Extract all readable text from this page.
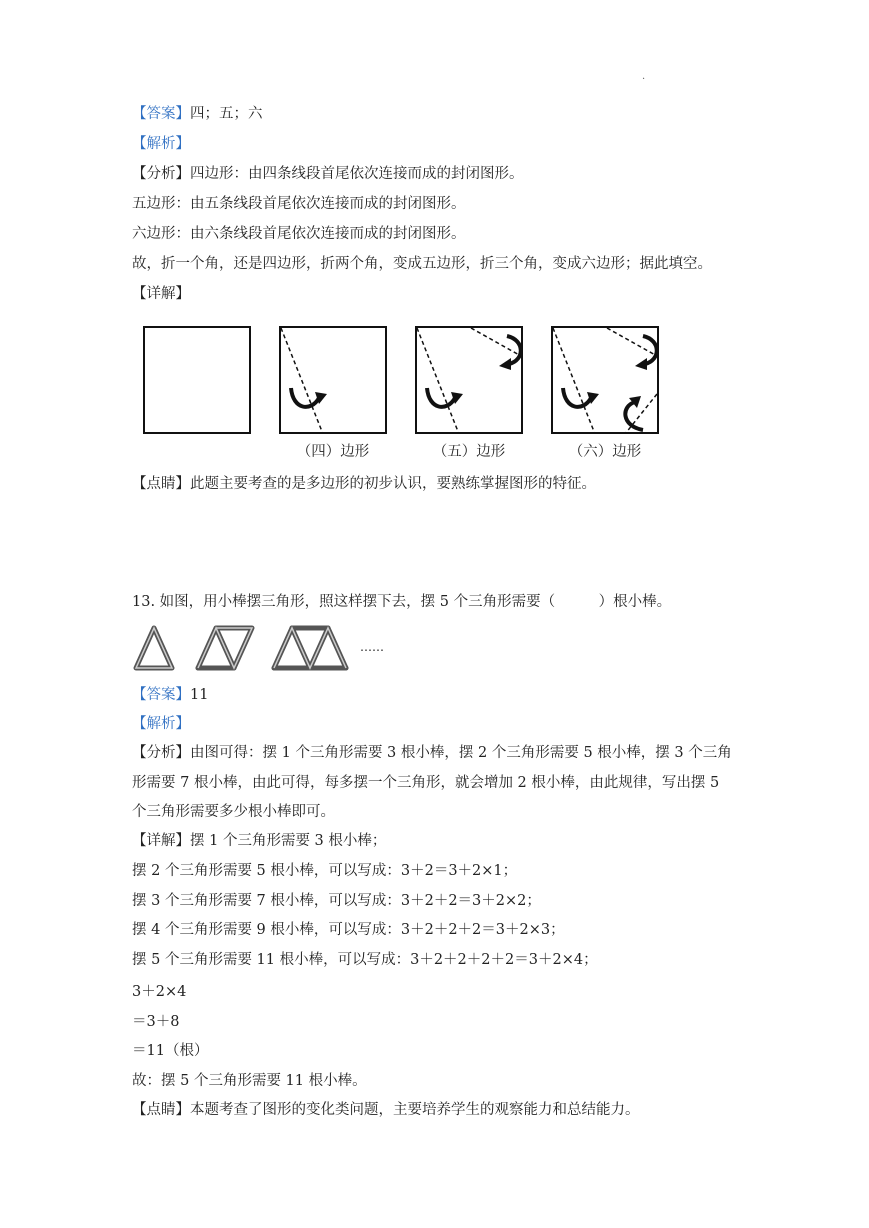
·
【答案】四；五；六
【解析】
【分析】四边形：由四条线段首尾依次连接而成的封闭图形。
五边形：由五条线段首尾依次连接而成的封闭图形。
六边形：由六条线段首尾依次连接而成的封闭图形。
故，折一个角，还是四边形，折两个角，变成五边形，折三个角，变成六边形；据此填空。
【详解】
（四）边形	（五）边形	（六）边形
【点睛】此题主要考查的是多边形的初步认识，要熟练掌握图形的特征。
13. 如图，用小棒摆三角形，照这样摆下去，摆 5 个三角形需要（　　　）根小棒。
……
【答案】11
【解析】
【分析】由图可得：摆 1 个三角形需要 3 根小棒，摆 2 个三角形需要 5 根小棒，摆 3 个三角
形需要 7 根小棒，由此可得，每多摆一个三角形，就会增加 2 根小棒，由此规律，写出摆 5
个三角形需要多少根小棒即可。
【详解】摆 1 个三角形需要 3 根小棒；
摆 2 个三角形需要 5 根小棒，可以写成：3＋2＝3＋2×1；
摆 3 个三角形需要 7 根小棒，可以写成：3＋2＋2＝3＋2×2；
摆 4 个三角形需要 9 根小棒，可以写成：3＋2＋2＋2＝3＋2×3；
摆 5 个三角形需要 11 根小棒，可以写成：3＋2＋2＋2＋2＝3＋2×4；
3＋2×4
＝3＋8
＝11（根）
故：摆 5 个三角形需要 11 根小棒。
【点睛】本题考查了图形的变化类问题，主要培养学生的观察能力和总结能力。
